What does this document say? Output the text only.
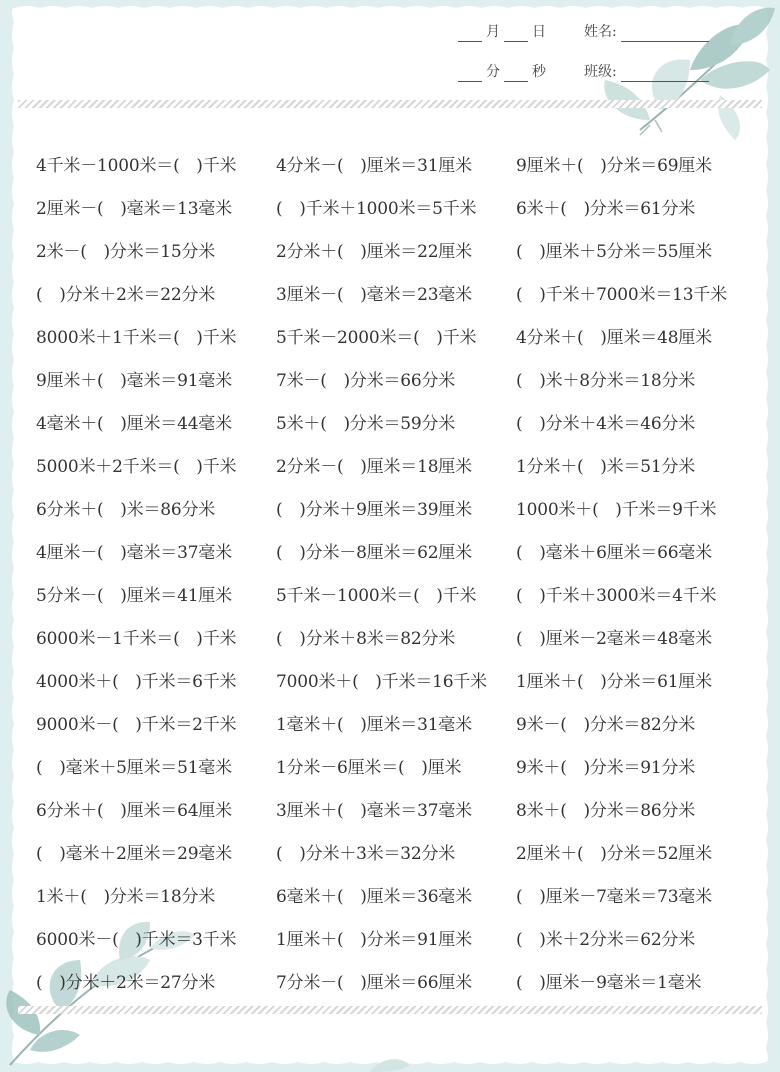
月 日	姓名:
分 秒	班级:
4千米－1000米＝(　)千米	4分米－(　)厘米＝31厘米	9厘米＋(　)分米＝69厘米
2厘米－(　)毫米＝13毫米	(　)千米＋1000米＝5千米	6米＋(　)分米＝61分米
2米－(　)分米＝15分米	2分米＋(　)厘米＝22厘米	(　)厘米＋5分米＝55厘米
(　)分米＋2米＝22分米	3厘米－(　)毫米＝23毫米	(　)千米＋7000米＝13千米
8000米＋1千米＝(　)千米	5千米－2000米＝(　)千米	4分米＋(　)厘米＝48厘米
9厘米＋(　)毫米＝91毫米	7米－(　)分米＝66分米	(　)米＋8分米＝18分米
4毫米＋(　)厘米＝44毫米	5米＋(　)分米＝59分米	(　)分米＋4米＝46分米
5000米＋2千米＝(　)千米	2分米－(　)厘米＝18厘米	1分米＋(　)米＝51分米
6分米＋(　)米＝86分米	(　)分米＋9厘米＝39厘米	1000米＋(　)千米＝9千米
4厘米－(　)毫米＝37毫米	(　)分米－8厘米＝62厘米	(　)毫米＋6厘米＝66毫米
5分米－(　)厘米＝41厘米	5千米－1000米＝(　)千米	(　)千米＋3000米＝4千米
6000米－1千米＝(　)千米	(　)分米＋8米＝82分米	(　)厘米－2毫米＝48毫米
4000米＋(　)千米＝6千米	7000米＋(　)千米＝16千米	1厘米＋(　)分米＝61厘米
9000米－(　)千米＝2千米	1毫米＋(　)厘米＝31毫米	9米－(　)分米＝82分米
(　)毫米＋5厘米＝51毫米	1分米－6厘米＝(　)厘米	9米＋(　)分米＝91分米
6分米＋(　)厘米＝64厘米	3厘米＋(　)毫米＝37毫米	8米＋(　)分米＝86分米
(　)毫米＋2厘米＝29毫米	(　)分米＋3米＝32分米	2厘米＋(　)分米＝52厘米
1米＋(　)分米＝18分米	6毫米＋(　)厘米＝36毫米	(　)厘米－7毫米＝73毫米
6000米－(　)千米＝3千米	1厘米＋(　)分米＝91厘米	(　)米＋2分米＝62分米
(　)分米＋2米＝27分米	7分米－(　)厘米＝66厘米	(　)厘米－9毫米＝1毫米
